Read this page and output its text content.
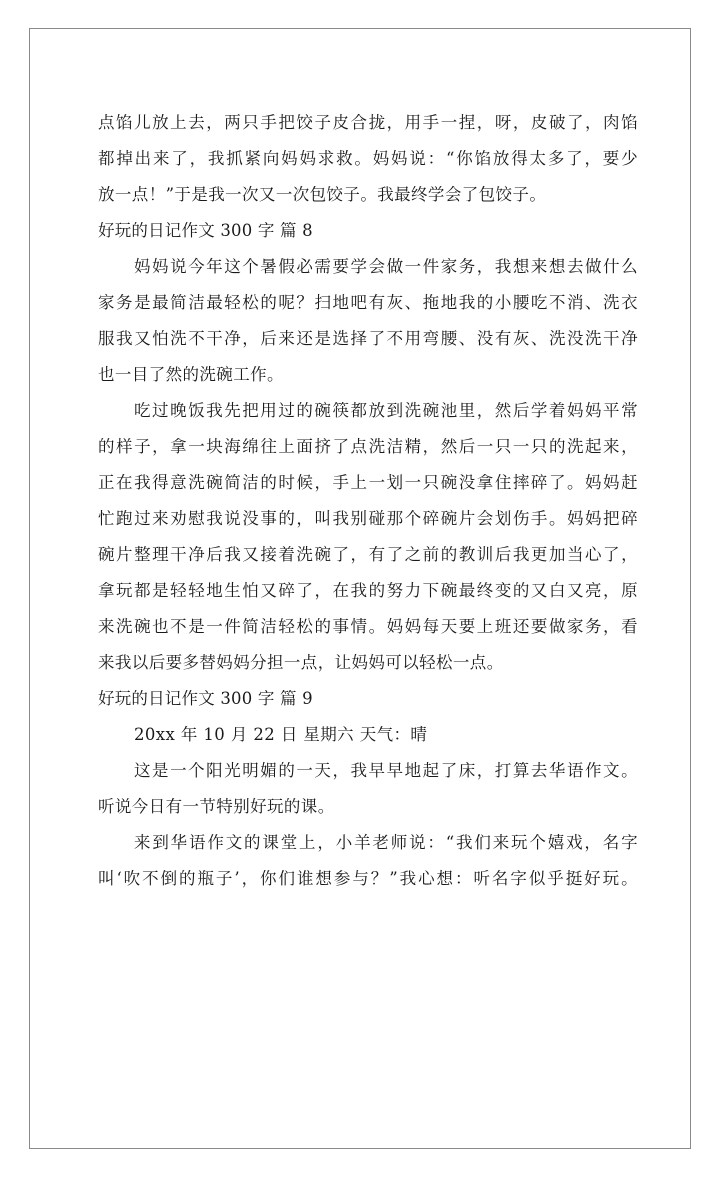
点馅儿放上去，两只手把饺子皮合拢，用手一捏，呀，皮破了，肉馅
都掉出来了，我抓紧向妈妈求救。妈妈说：“你馅放得太多了，要少
放一点！”于是我一次又一次包饺子。我最终学会了包饺子。
好玩的日记作文 300 字 篇 8
妈妈说今年这个暑假必需要学会做一件家务，我想来想去做什么
家务是最简洁最轻松的呢？扫地吧有灰、拖地我的小腰吃不消、洗衣
服我又怕洗不干净，后来还是选择了不用弯腰、没有灰、洗没洗干净
也一目了然的洗碗工作。
吃过晚饭我先把用过的碗筷都放到洗碗池里，然后学着妈妈平常
的样子，拿一块海绵往上面挤了点洗洁精，然后一只一只的洗起来，
正在我得意洗碗简洁的时候，手上一划一只碗没拿住摔碎了。妈妈赶
忙跑过来劝慰我说没事的，叫我别碰那个碎碗片会划伤手。妈妈把碎
碗片整理干净后我又接着洗碗了，有了之前的教训后我更加当心了，
拿玩都是轻轻地生怕又碎了，在我的努力下碗最终变的又白又亮，原
来洗碗也不是一件简洁轻松的事情。妈妈每天要上班还要做家务，看
来我以后要多替妈妈分担一点，让妈妈可以轻松一点。
好玩的日记作文 300 字 篇 9
20xx 年 10 月 22 日 星期六 天气：晴
这是一个阳光明媚的一天，我早早地起了床，打算去华语作文。
听说今日有一节特别好玩的课。
来到华语作文的课堂上，小羊老师说：“我们来玩个嬉戏，名字
叫‘吹不倒的瓶子’，你们谁想参与？”我心想：听名字似乎挺好玩。
